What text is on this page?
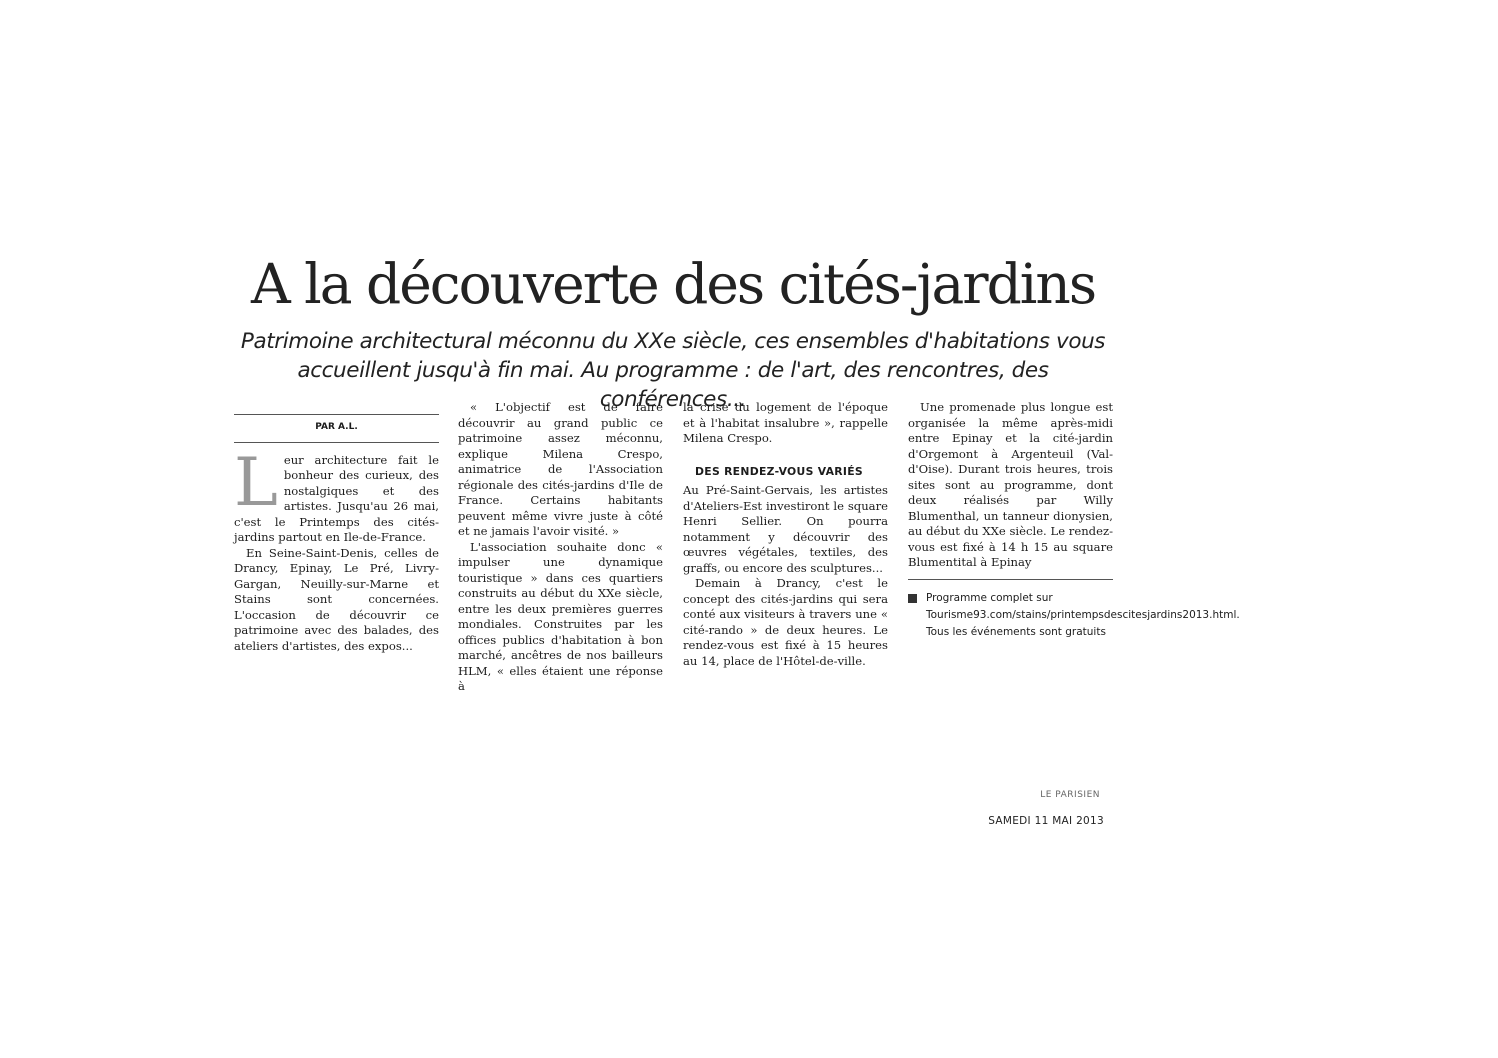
A la découverte des cités-jardins

Patrimoine architectural méconnu du XXe siècle, ces ensembles d'habitations vous accueillent jusqu'à fin mai. Au programme : de l'art, des rencontres, des conférences...

PAR A.L.

Leur architecture fait le bonheur des curieux, des nostalgiques et des artistes. Jusqu'au 26 mai, c'est le Printemps des cités-jardins partout en Ile-de-France.

En Seine-Saint-Denis, celles de Drancy, Epinay, Le Pré, Livry-Gargan, Neuilly-sur-Marne et Stains sont concernées. L'occasion de découvrir ce patrimoine avec des balades, des ateliers d'artistes, des expos...

« L'objectif est de faire découvrir au grand public ce patrimoine assez méconnu, explique Milena Crespo, animatrice de l'Association régionale des cités-jardins d'Ile de France. Certains habitants peuvent même vivre juste à côté et ne jamais l'avoir visité. »

L'association souhaite donc « impulser une dynamique touristique » dans ces quartiers construits au début du XXe siècle, entre les deux premières guerres mondiales. Construites par les offices publics d'habitation à bon marché, ancêtres de nos bailleurs HLM, « elles étaient une réponse à

la crise du logement de l'époque et à l'habitat insalubre », rappelle Milena Crespo.

DES RENDEZ-VOUS VARIÉS

Au Pré-Saint-Gervais, les artistes d'Ateliers-Est investiront le square Henri Sellier. On pourra notamment y découvrir des œuvres végétales, textiles, des graffs, ou encore des sculptures...

Demain à Drancy, c'est le concept des cités-jardins qui sera conté aux visiteurs à travers une « cité-rando » de deux heures. Le rendez-vous est fixé à 15 heures au 14, place de l'Hôtel-de-ville.

Une promenade plus longue est organisée la même après-midi entre Epinay et la cité-jardin d'Orgemont à Argenteuil (Val-d'Oise). Durant trois heures, trois sites sont au programme, dont deux réalisés par Willy Blumenthal, un tanneur dionysien, au début du XXe siècle. Le rendez-vous est fixé à 14 h 15 au square Blumentital à Epinay

Programme complet sur Tourisme93.com/stains/printempsdescitesjardins2013.html. Tous les événements sont gratuits
LE PARISIEN
SAMEDI 11 MAI 2013
